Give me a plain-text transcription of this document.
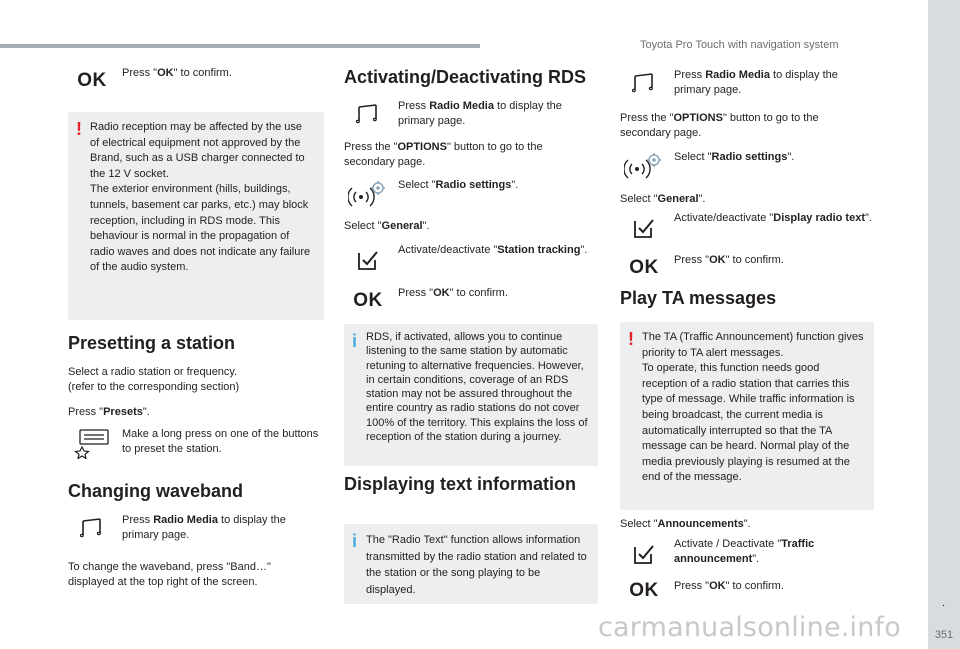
Toyota Pro Touch with navigation system
.
351
OK	Press "OK" to confirm.
! Radio reception may be affected by the use of electrical equipment not approved by the Brand, such as a USB charger connected to the 12 V socket.
The exterior environment (hills, buildings, tunnels, basement car parks, etc.) may block reception, including in RDS mode. This behaviour is normal in the propagation of radio waves and does not indicate any failure of the audio system.

Presetting a station
Select a radio station or frequency.
(refer to the corresponding section)
Press "Presets".
Make a long press on one of the buttons to preset the station.
Changing waveband
Press Radio Media to display the primary page.
To change the waveband, press "Band…" displayed at the top right of the screen.
Activating/Deactivating RDS
Press Radio Media to display the primary page.
Press the "OPTIONS" button to go to the secondary page.
Select "Radio settings".
Select "General".
Activate/deactivate "Station tracking".
OK	Press "OK" to confirm.
i RDS, if activated, allows you to continue listening to the same station by automatic retuning to alternative frequencies. However, in certain conditions, coverage of an RDS station may not be assured throughout the entire country as radio stations do not cover 100% of the territory. This explains the loss of reception of the station during a journey.

Displaying text information
i The "Radio Text" function allows information transmitted by the radio station and related to the station or the song playing to be displayed.

Press Radio Media to display the primary page.
Press the "OPTIONS" button to go to the secondary page.
Select "Radio settings".
Select "General".
Activate/deactivate "Display radio text".
OK	Press "OK" to confirm.
Play TA messages
! The TA (Traffic Announcement) function gives priority to TA alert messages.
To operate, this function needs good reception of a radio station that carries this type of message. While traffic information is being broadcast, the current media is automatically interrupted so that the TA message can be heard. Normal play of the media previously playing is resumed at the end of the message.

Select "Announcements".
Activate / Deactivate "Traffic announcement".
OK	Press "OK" to confirm.
carmanualsonline.info
